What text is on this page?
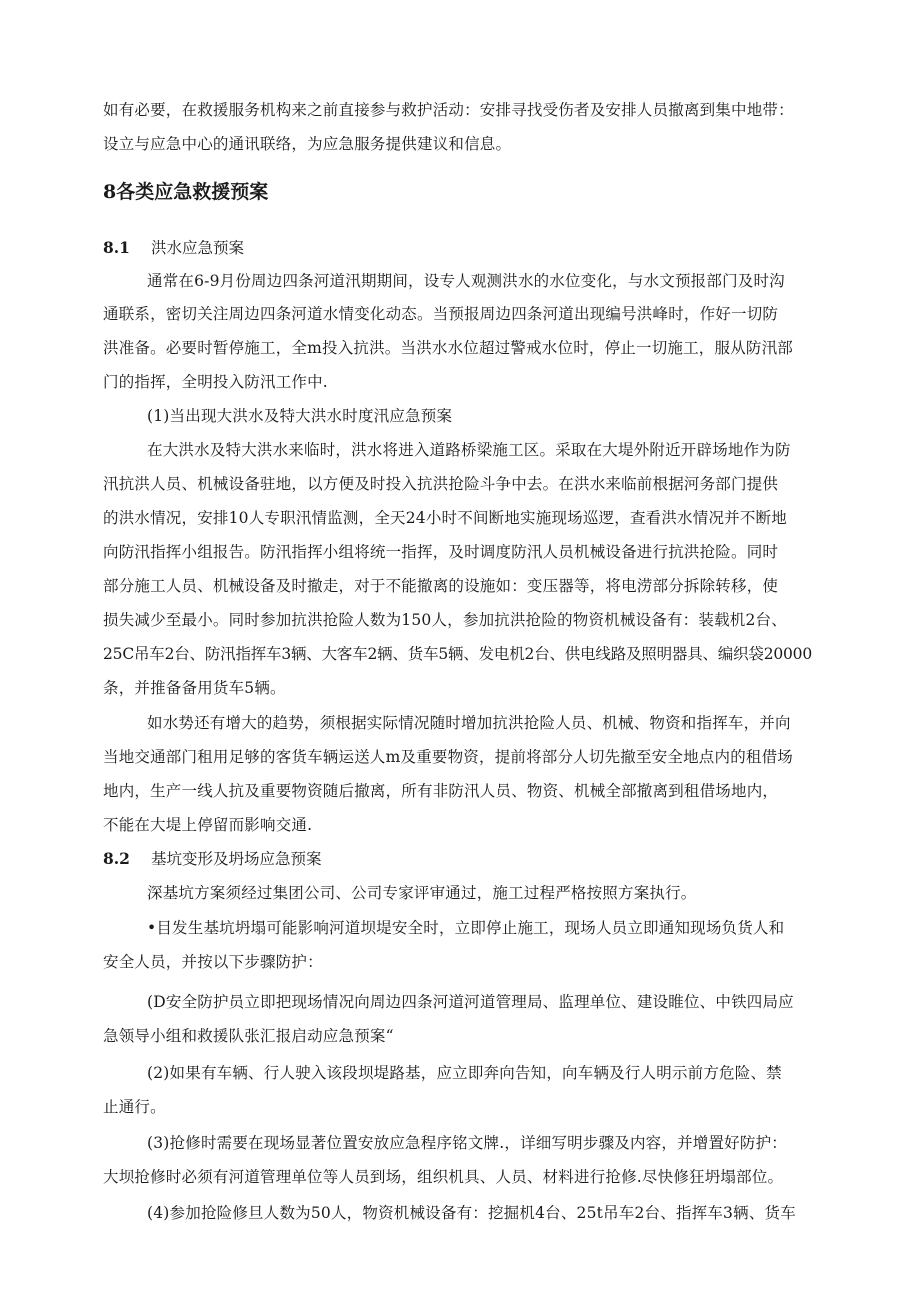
如有必要，在救援服务机构来之前直接参与救护活动：安排寻找受伤者及安排人员撤离到集中地带：
设立与应急中心的通讯联络，为应急服务提供建议和信息。
8各类应急救援预案
8.1 洪水应急预案
通常在6-9月份周边四条河道汛期期间，设专人观测洪水的水位变化，与水文预报部门及时沟
通联系，密切关注周边四条河道水情变化动态。当预报周边四条河道出现编号洪峰时，作好一切防
洪准备。必要时暂停施工，全m投入抗洪。当洪水水位超过警戒水位时，停止一切施工，服从防汛部
门的指挥，全明投入防汛工作中.
(1)当出现大洪水及特大洪水时度汛应急预案
在大洪水及特大洪水来临时，洪水将进入道路桥梁施工区。采取在大堤外附近开辟场地作为防
汛抗洪人员、机械设备驻地，以方便及时投入抗洪抢险斗争中去。在洪水来临前根据河务部门提供
的洪水情况，安排10人专职汛情监测，全天24小时不间断地实施现场巡逻，查看洪水情况并不断地
向防汛指挥小组报告。防汛指挥小组将统一指挥，及时调度防汛人员机械设备进行抗洪抢险。同时
部分施工人员、机械设备及时撤走，对于不能撤离的设施如：变压器等，将电涝部分拆除转移，使
损失减少至最小。同时参加抗洪抢险人数为150人，参加抗洪抢险的物资机械设备有：装载机2台、
25C吊车2台、防汛指挥车3辆、大客车2辆、货车5辆、发电机2台、供电线路及照明器具、编织袋20000
条，并推备备用货车5辆。
如水势还有增大的趋势，须根据实际情况随时增加抗洪抢险人员、机械、物资和指挥车，并向
当地交通部门租用足够的客货车辆运送人m及重要物资，提前将部分人切先撤至安全地点内的租借场
地内，生产一线人抗及重要物资随后撤离，所有非防汛人员、物资、机械全部撤离到租借场地内，
不能在大堤上停留而影响交通.
8.2 基坑变形及坍场应急预案
深基坑方案须经过集团公司、公司专家评审通过，施工过程严格按照方案执行。
•目发生基坑坍塌可能影响河道坝堤安全时，立即停止施工，现场人员立即通知现场负货人和
安全人员，并按以下步骤防护：
(D安全防护员立即把现场情况向周边四条河道河道管理局、监理单位、建设睢位、中铁四局应
急领导小组和救援队张汇报启动应急预案“
(2)如果有车辆、行人驶入该段坝堤路基，应立即奔向告知，向车辆及行人明示前方危险、禁
止通行。
(3)抢修时需要在现场显著位置安放应急程序铭文牌.，详细写明步骤及内容，并增置好防护：
大坝抢修时必须有河道管理单位等人员到场，组织机具、人员、材料进行抢修.尽快修狂坍塌部位。
(4)参加抢险修旦人数为50人，物资机械设备有：挖掘机4台、25t吊车2台、指挥车3辆、货车
